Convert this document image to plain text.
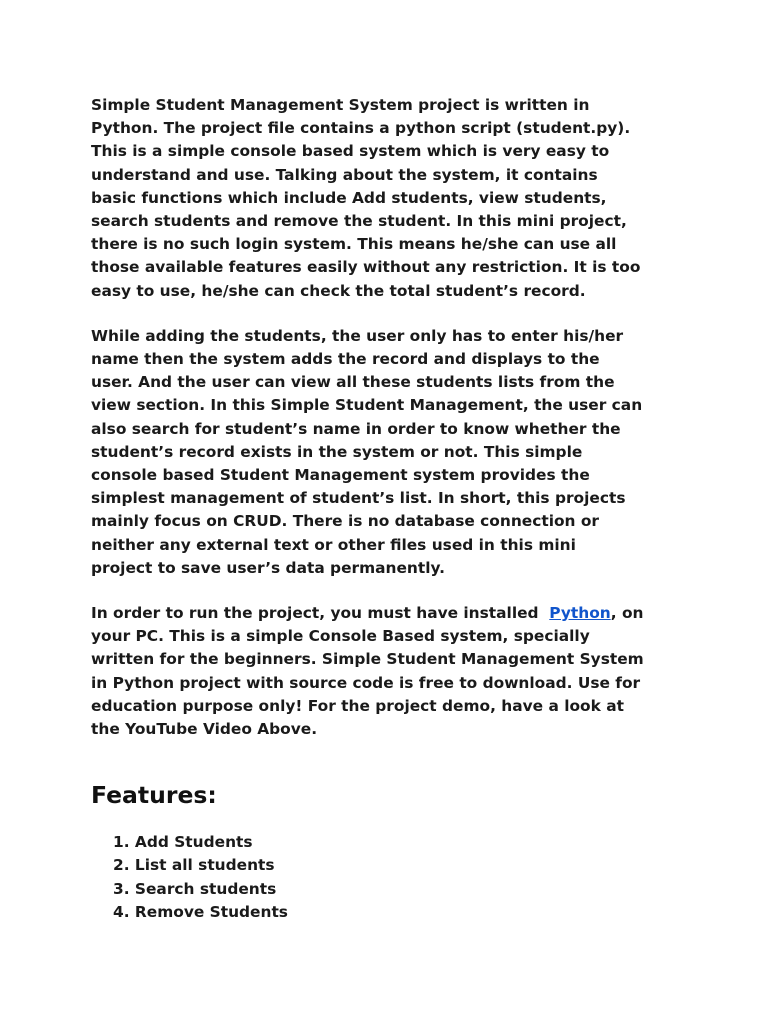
Simple Student Management System project is written in
Python. The project file contains a python script (student.py).
This is a simple console based system which is very easy to
understand and use. Talking about the system, it contains
basic functions which include Add students, view students,
search students and remove the student. In this mini project,
there is no such login system. This means he/she can use all
those available features easily without any restriction. It is too
easy to use, he/she can check the total student’s record.

While adding the students, the user only has to enter his/her
name then the system adds the record and displays to the
user. And the user can view all these students lists from the
view section. In this Simple Student Management, the user can
also search for student’s name in order to know whether the
student’s record exists in the system or not. This simple
console based Student Management system provides the
simplest management of student’s list. In short, this projects
mainly focus on CRUD. There is no database connection or
neither any external text or other files used in this mini
project to save user’s data permanently.

In order to run the project, you must have installed  Python, on
your PC. This is a simple Console Based system, specially
written for the beginners. Simple Student Management System
in Python project with source code is free to download. Use for
education purpose only! For the project demo, have a look at
the YouTube Video Above.

Features:
1. Add Students
2. List all students
3. Search students
4. Remove Students
